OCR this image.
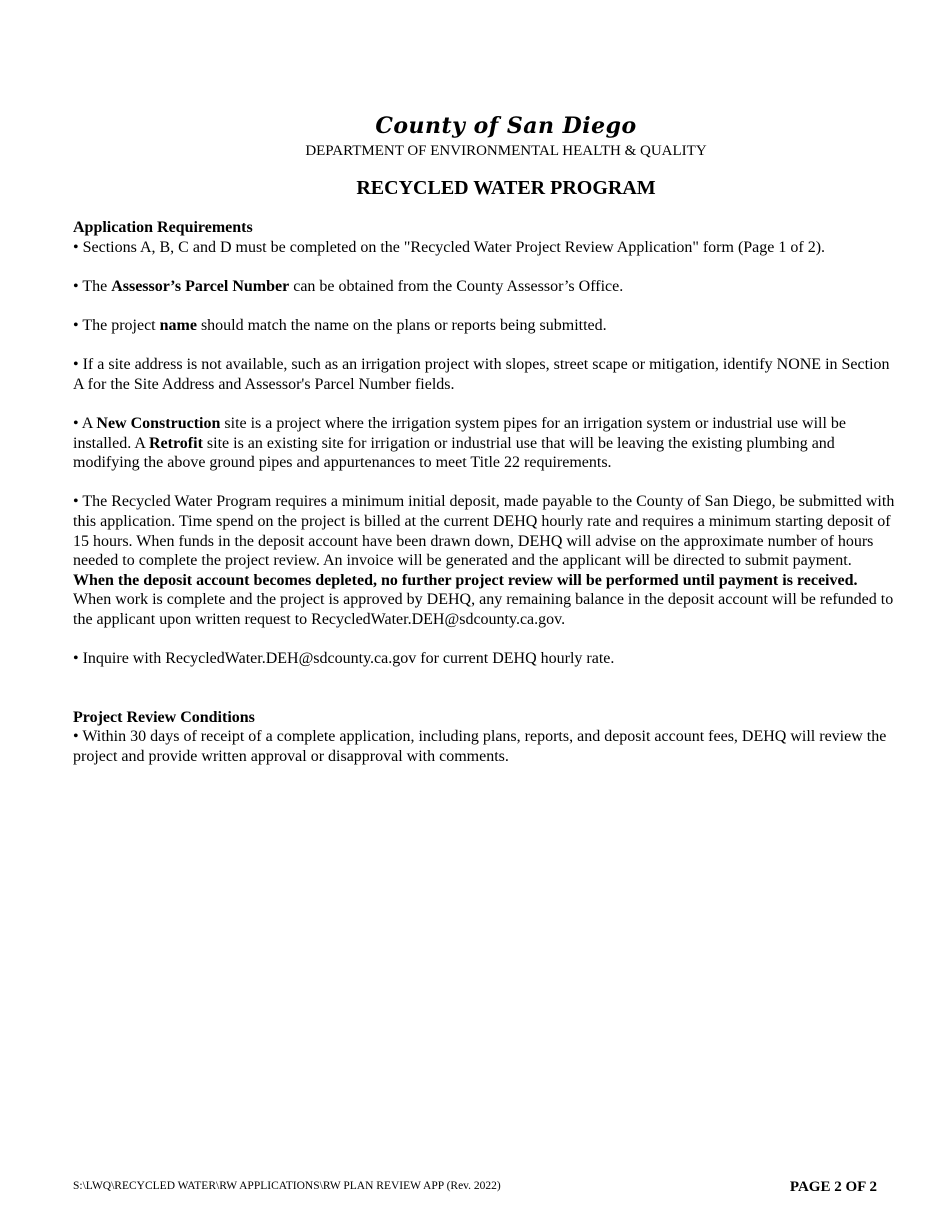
County of San Diego
DEPARTMENT OF ENVIRONMENTAL HEALTH & QUALITY
RECYCLED WATER PROGRAM

Application Requirements

• Sections A, B, C and D must be completed on the "Recycled Water Project Review Application" form (Page 1 of 2).

• The Assessor’s Parcel Number can be obtained from the County Assessor’s Office.

• The project name should match the name on the plans or reports being submitted.

• If a site address is not available, such as an irrigation project with slopes, street scape or mitigation, identify NONE in Section A for the Site Address and Assessor's Parcel Number fields.

• A New Construction site is a project where the irrigation system pipes for an irrigation system or industrial use will be installed. A Retrofit site is an existing site for irrigation or industrial use that will be leaving the existing plumbing and modifying the above ground pipes and appurtenances to meet Title 22 requirements.

• The Recycled Water Program requires a minimum initial deposit, made payable to the County of San Diego, be submitted with this application. Time spend on the project is billed at the current DEHQ hourly rate and requires a minimum starting deposit of 15 hours. When funds in the deposit account have been drawn down, DEHQ will advise on the approximate number of hours needed to complete the project review. An invoice will be generated and the applicant will be directed to submit payment. When the deposit account becomes depleted, no further project review will be performed until payment is received. When work is complete and the project is approved by DEHQ, any remaining balance in the deposit account will be refunded to the applicant upon written request to RecycledWater.DEH@sdcounty.ca.gov.

• Inquire with RecycledWater.DEH@sdcounty.ca.gov for current DEHQ hourly rate.

Project Review Conditions

• Within 30 days of receipt of a complete application, including plans, reports, and deposit account fees, DEHQ will review the project and provide written approval or disapproval with comments.

S:\LWQ\RECYCLED WATER\RW APPLICATIONS\RW PLAN REVIEW APP (Rev. 2022)	PAGE 2 OF 2
